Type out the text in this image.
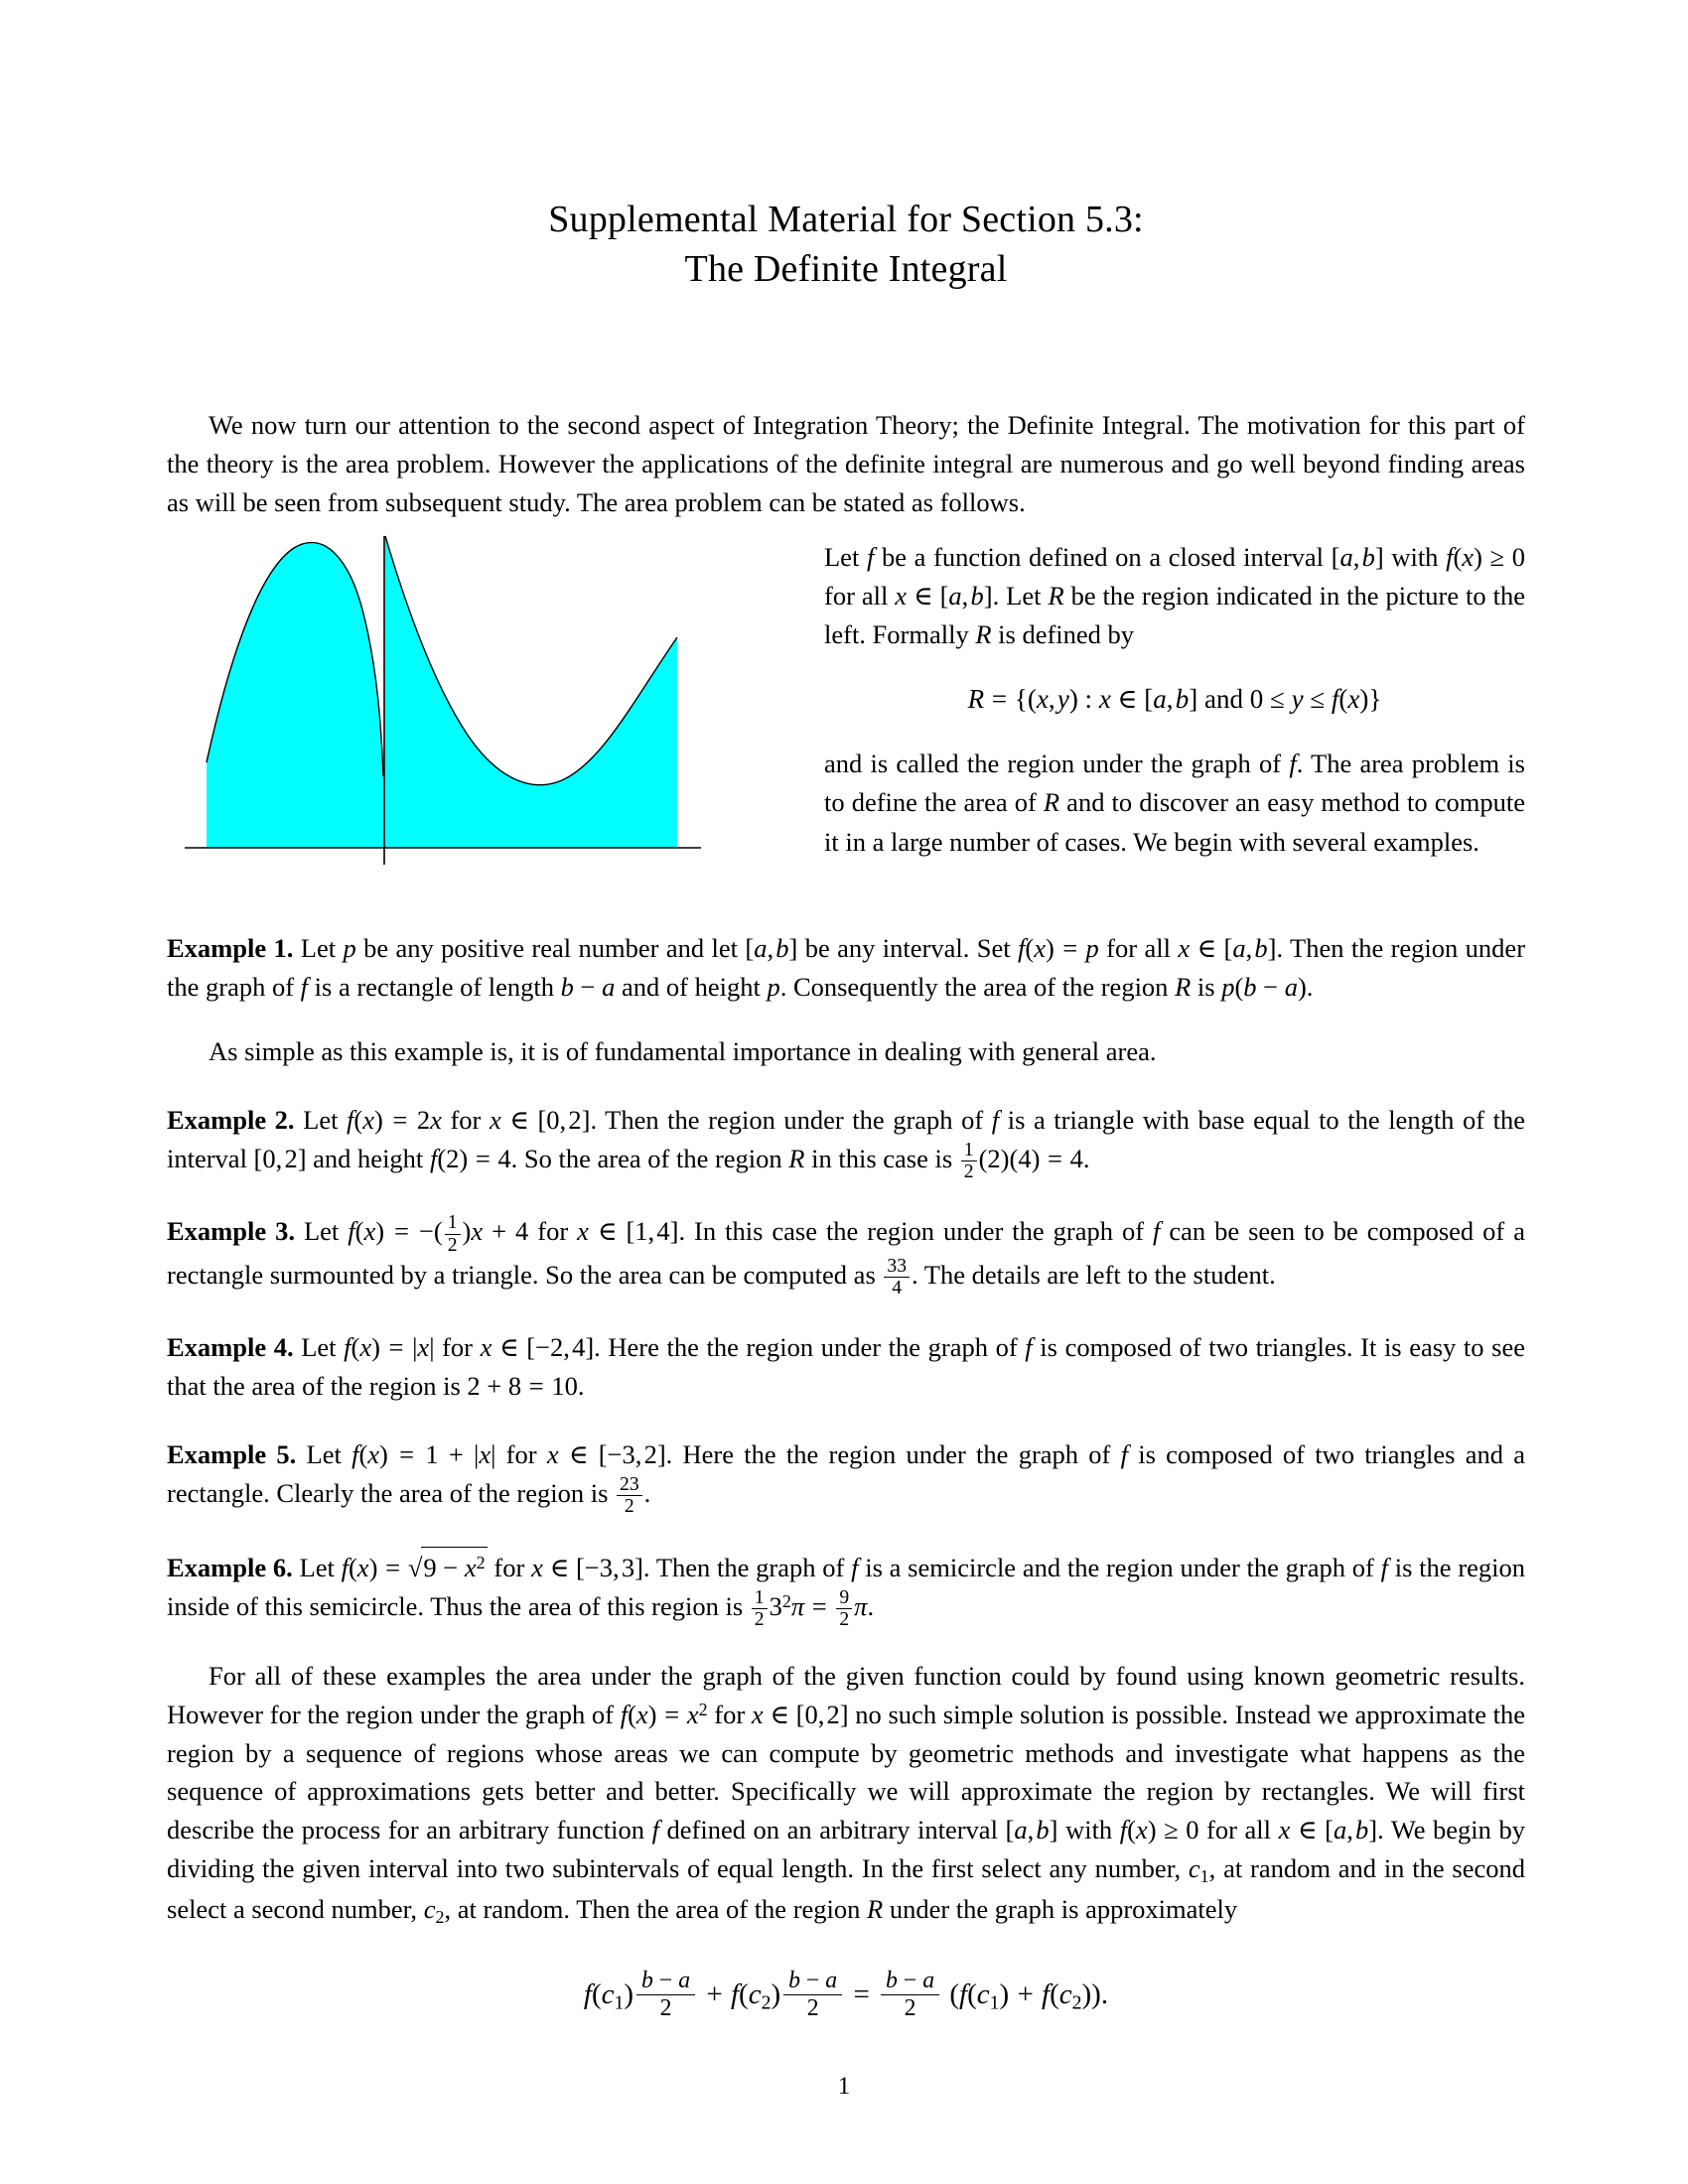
Supplemental Material for Section 5.3:
The Definite Integral

We now turn our attention to the second aspect of Integration Theory; the Definite Integral. The motivation for this part of the theory is the area problem. However the applications of the definite integral are numerous and go well beyond finding areas as will be seen from subsequent study. The area problem can be stated as follows.

Let f be a function defined on a closed interval [a, b] with f(x) ≥ 0 for all x ∈ [a, b]. Let R be the region indicated in the picture to the left. Formally R is defined by

R = {(x, y) : x ∈ [a, b] and 0 ≤ y ≤ f(x)}

and is called the region under the graph of f. The area problem is to define the area of R and to discover an easy method to compute it in a large number of cases. We begin with several examples.

Example 1. Let p be any positive real number and let [a, b] be any interval. Set f(x) = p for all x ∈ [a, b]. Then the region under the graph of f is a rectangle of length b − a and of height p. Consequently the area of the region R is p(b − a).

As simple as this example is, it is of fundamental importance in dealing with general area.

Example 2. Let f(x) = 2x for x ∈ [0, 2]. Then the region under the graph of f is a triangle with base equal to the length of the interval [0, 2] and height f(2) = 4. So the area of the region R in this case is $\frac{1}{2} (2)(4) = 4$.

Example 3. Let f(x) = −( $\frac{1}{2} )x + 4$ for x ∈ [1, 4]. In this case the region under the graph of f can be seen to be composed of a rectangle surmounted by a triangle. So the area can be computed as $\frac{33}{4}$ . The details are left to the student.

Example 4. Let f(x) = |x| for x ∈ [−2, 4]. Here the the region under the graph of f is composed of two triangles. It is easy to see that the area of the region is 2 + 8 = 10.

Example 5. Let f(x) = 1 + |x| for x ∈ [−3, 2]. Here the the region under the graph of f is composed of two triangles and a rectangle. Clearly the area of the region is $\frac{23}{2}$ .

Example 6. Let $f(x) = √9 - x^2$ for x ∈ [−3, 3]. Then the graph of f is a semicircle and the region under the graph of f is the region inside of this semicircle. Thus the area of this region is $\frac{1}{2} 3^2\pi = \frac{9}{2} \pi$.

For all of these examples the area under the graph of the given function could by found using known geometric results. However for the region under the graph of $f(x) = x^2$ for x ∈ [0, 2] no such simple solution is possible. Instead we approximate the region by a sequence of regions whose areas we can compute by geometric methods and investigate what happens as the sequence of approximations gets better and better. Specifically we will approximate the region by rectangles. We will first describe the process for an arbitrary function f defined on an arbitrary interval [a, b] with f(x) ≥ 0 for all x ∈ [a, b]. We begin by dividing the given interval into two subintervals of equal length. In the first select any number, $c_1$, at random and in the second select a second number, $c_2$, at random. Then the area of the region R under the graph is approximately

$f(c_1) \frac{b - a}{2} + f(c_2) \frac{b - a}{2} = \frac{b - a}{2} (f(c_1) + f(c_2))$.
1
